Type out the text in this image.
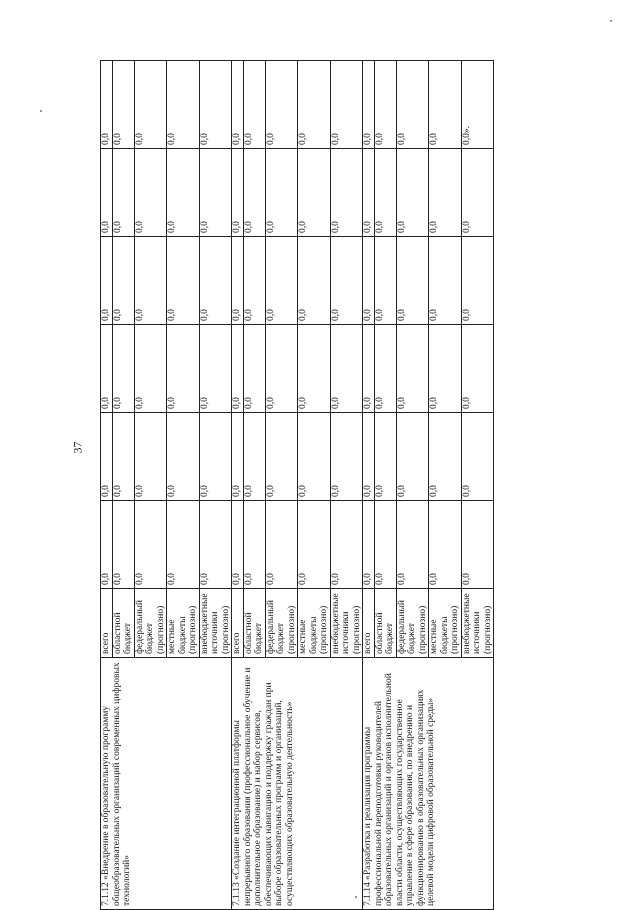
37
7.1.12 «Внедрение в образовательную программу общеобразовательных организаций современных цифровых технологий»	всего	0,0	0,0	0,0	0,0	0,0	0,0
	областной бюджет	0,0	0,0	0,0	0,0	0,0	0,0
	федеральный бюджет (прогнозно)	0,0	0,0	0,0	0,0	0,0	0,0
	местные бюджеты (прогнозно)	0,0	0,0	0,0	0,0	0,0	0,0
	внебюджетные источники (прогнозно)	0,0	0,0	0,0	0,0	0,0	0,0
7.1.13 «Создание интеграционной платформы непрерывного образования (профессиональное обучение и дополнительное образование) и набор сервисов, обеспечивающих навигацию и поддержку граждан при выборе образовательных программ и организаций, осуществляющих образовательную деятельность»	всего	0,0	0,0	0,0	0,0	0,0	0,0
	областной бюджет	0,0	0,0	0,0	0,0	0,0	0,0
	федеральный бюджет (прогнозно)	0,0	0,0	0,0	0,0	0,0	0,0
	местные бюджеты (прогнозно)	0,0	0,0	0,0	0,0	0,0	0,0
	внебюджетные источники (прогнозно)	0,0	0,0	0,0	0,0	0,0	0,0
7.1.14 «Разработка и реализация программы профессиональной переподготовки руководителей образовательных организаций и органов исполнительной власти области, осуществляющих государственное управление в сфере образования, по внедрению и функционированию в образовательных организациях целевой модели цифровой образовательной среды»	всего	0,0	0,0	0,0	0,0	0,0	0,0
	областной бюджет	0,0	0,0	0,0	0,0	0,0	0,0
	федеральный бюджет (прогнозно)	0,0	0,0	0,0	0,0	0,0	0,0
	местные бюджеты (прогнозно)	0,0	0,0	0,0	0,0	0,0	0,0
	внебюджетные источники (прогнозно)	0,0	0,0	0,0	0,0	0,0	0,0».
